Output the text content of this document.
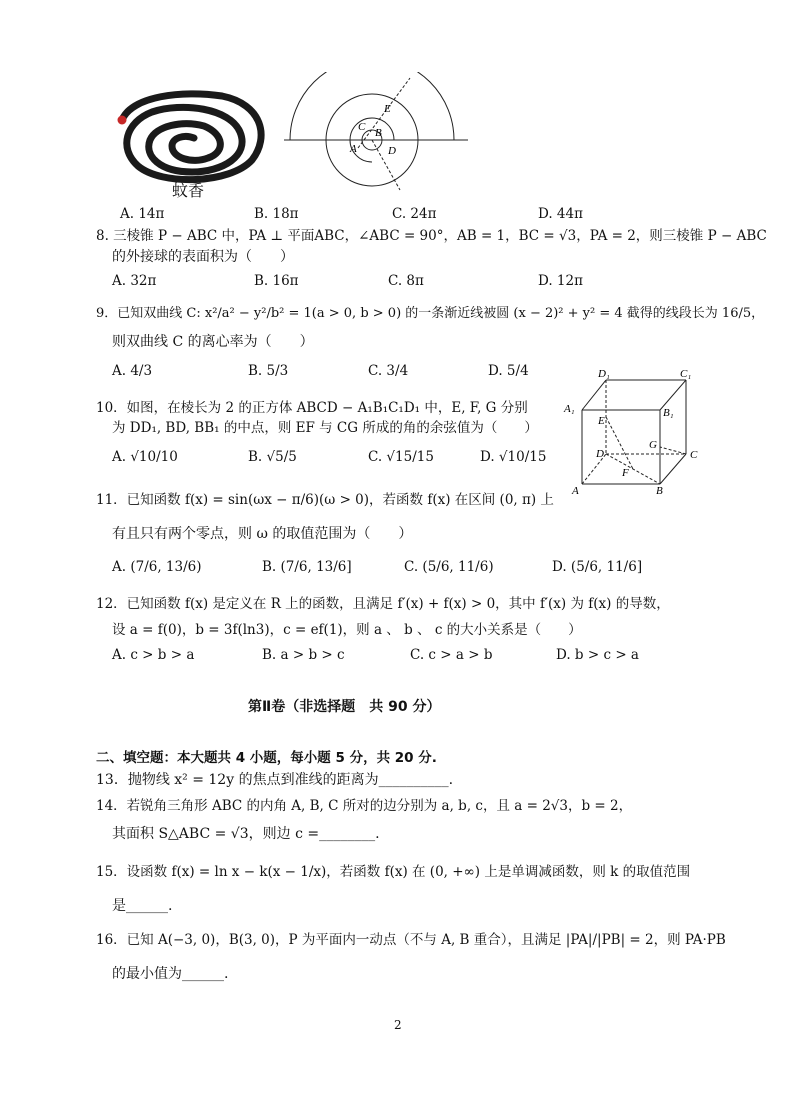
蚊香
E
C B
A	D
A. 14π	B. 18π	C. 24π	D. 44π
8. 三棱锥 P − ABC 中，PA ⊥ 平面ABC，∠ABC = 90°，AB = 1，BC = √3，PA = 2，则三棱锥 P − ABC
的外接球的表面积为（　　）
A. 32π	B. 16π	C. 8π	D. 12π
9．已知双曲线 C: x²/a² − y²/b² = 1(a > 0, b > 0) 的一条渐近线被圆 (x − 2)² + y² = 4 截得的线段长为 16/5，
则双曲线 C 的离心率为（　　）
A. 4/3	B. 5/3	C. 3/4	D. 5/4
10．如图，在棱长为 2 的正方体 ABCD − A₁B₁C₁D₁ 中，E, F, G 分别
为 DD₁, BD, BB₁ 的中点，则 EF 与 CG 所成的角的余弦值为（　　）
A. √10/10	B. √5/5	C. √15/15	D. √10/15
D₁	C₁
A₁	B₁
E
G
D	C
F
A	B
11．已知函数 f(x) = sin(ωx − π/6)(ω > 0)，若函数 f(x) 在区间 (0, π) 上
有且只有两个零点，则 ω 的取值范围为（　　）
A. (7/6, 13/6)	B. (7/6, 13/6]	C. (5/6, 11/6)	D. (5/6, 11/6]
12．已知函数 f(x) 是定义在 R 上的函数，且满足 f′(x) + f(x) > 0，其中 f′(x) 为 f(x) 的导数，
设 a = f(0)，b = 3f(ln3)，c = ef(1)，则 a 、 b 、 c 的大小关系是（　　）
A. c > b > a	B. a > b > c	C. c > a > b	D. b > c > a
第Ⅱ卷（非选择题　共 90 分）
二、填空题：本大题共 4 小题，每小题 5 分，共 20 分.
13．抛物线 x² = 12y 的焦点到准线的距离为__________.
14．若锐角三角形 ABC 的内角 A, B, C 所对的边分别为 a, b, c，且 a = 2√3，b = 2，
其面积 S△ABC = √3，则边 c =________.
15．设函数 f(x) = ln x − k(x − 1/x)，若函数 f(x) 在 (0, +∞) 上是单调减函数，则 k 的取值范围
是______.
16．已知 A(−3, 0)，B(3, 0)，P 为平面内一动点（不与 A, B 重合），且满足 |PA|/|PB| = 2，则 PA·PB
的最小值为______.
2
